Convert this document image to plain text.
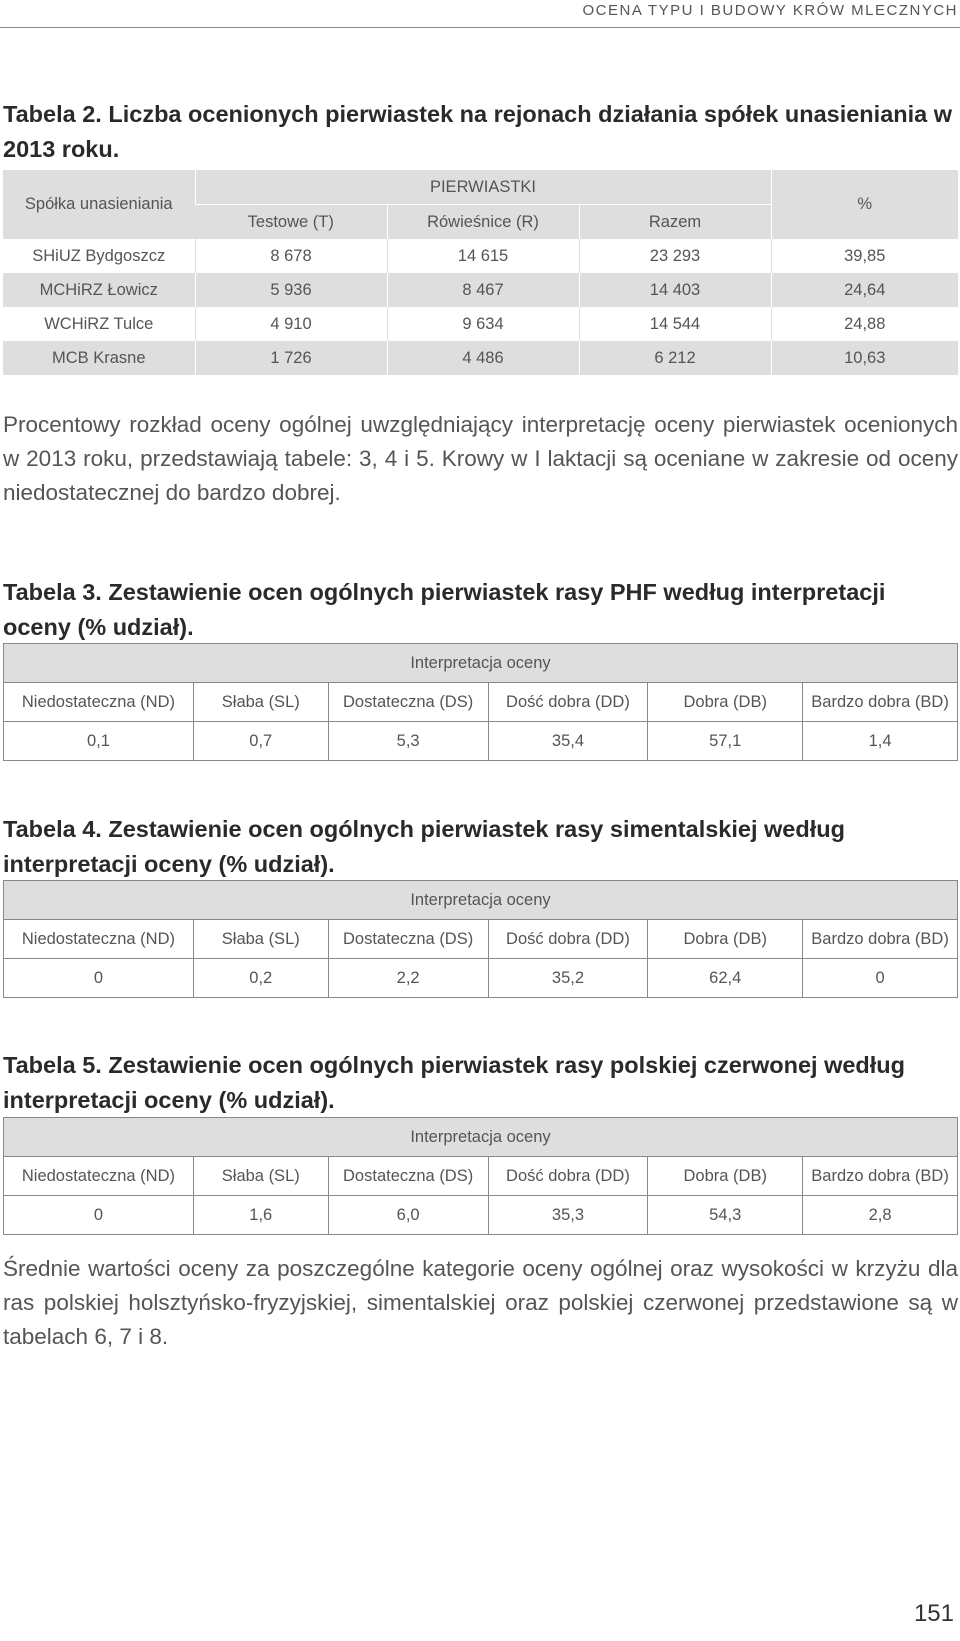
OCENA TYPU I BUDOWY KRÓW MLECZNYCH
Tabela 2. Liczba ocenionych pierwiastek na rejonach działania spółek unasieniania w 2013 roku.
Spółka unasieniania	PIERWIASTKI			%
	Testowe (T)	Rówieśnice (R)	Razem	
SHiUZ Bydgoszcz	8 678	14 615	23 293	39,85
MCHiRZ Łowicz	5 936	8 467	14 403	24,64
WCHiRZ Tulce	4 910	9 634	14 544	24,88
MCB Krasne	1 726	4 486	6 212	10,63
Procentowy rozkład oceny ogólnej uwzględniający interpretację oceny pierwiastek ocenionych w 2013 roku, przedstawiają tabele: 3, 4 i 5. Krowy w I laktacji są oceniane w zakresie od oceny niedostatecznej do bardzo dobrej.
Tabela 3. Zestawienie ocen ogólnych pierwiastek rasy PHF według interpretacji oceny (% udział).
Interpretacja oceny					
Niedostateczna (ND)	Słaba (SL)	Dostateczna (DS)	Dość dobra (DD)	Dobra (DB)	Bardzo dobra (BD)
0,1	0,7	5,3	35,4	57,1	1,4
Tabela 4. Zestawienie ocen ogólnych pierwiastek rasy simentalskiej według interpretacji oceny (% udział).
Interpretacja oceny					
Niedostateczna (ND)	Słaba (SL)	Dostateczna (DS)	Dość dobra (DD)	Dobra (DB)	Bardzo dobra (BD)
0	0,2	2,2	35,2	62,4	0
Tabela 5. Zestawienie ocen ogólnych pierwiastek rasy polskiej czerwonej według interpretacji oceny (% udział).
Interpretacja oceny					
Niedostateczna (ND)	Słaba (SL)	Dostateczna (DS)	Dość dobra (DD)	Dobra (DB)	Bardzo dobra (BD)
0	1,6	6,0	35,3	54,3	2,8
Średnie wartości oceny za poszczególne kategorie oceny ogólnej oraz wysokości w krzyżu dla ras polskiej holsztyńsko-fryzyjskiej, simentalskiej oraz polskiej czerwonej przedstawione są w tabelach 6, 7 i 8.
151
